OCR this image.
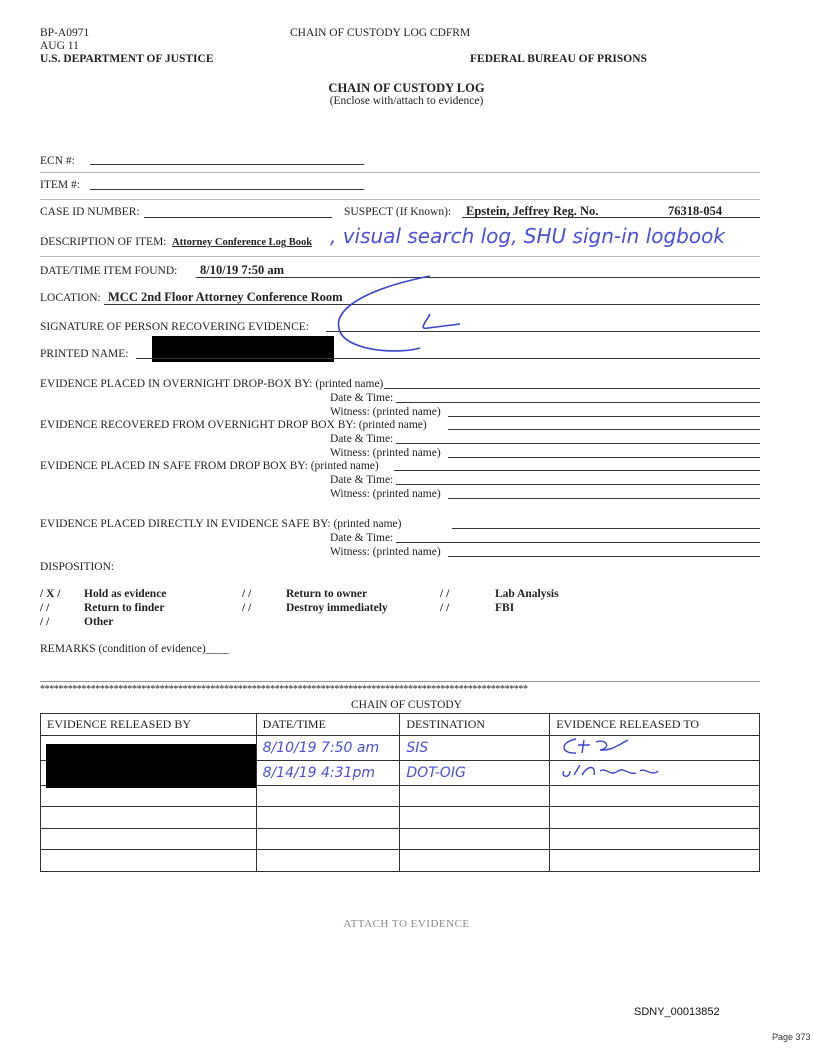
BP-A0971
AUG 11
U.S. DEPARTMENT OF JUSTICE
CHAIN OF CUSTODY LOG CDFRM
FEDERAL BUREAU OF PRISONS
CHAIN OF CUSTODY LOG
(Enclose with/attach to evidence)
ECN #:
ITEM #:
CASE ID NUMBER:	SUSPECT (If Known): Epstein, Jeffrey Reg. No.	76318-054
DESCRIPTION OF ITEM: Attorney Conference Log Book , visual search log, SHU sign-in logbook
DATE/TIME ITEM FOUND: 8/10/19 7:50 am
LOCATION: MCC 2nd Floor Attorney Conference Room
SIGNATURE OF PERSON RECOVERING EVIDENCE:
PRINTED NAME:
EVIDENCE PLACED IN OVERNIGHT DROP-BOX BY: (printed name)
Date & Time:
Witness: (printed name)
EVIDENCE RECOVERED FROM OVERNIGHT DROP BOX BY: (printed name)
Date & Time:
Witness: (printed name)
EVIDENCE PLACED IN SAFE FROM DROP BOX BY: (printed name)
Date & Time:
Witness: (printed name)
EVIDENCE PLACED DIRECTLY IN EVIDENCE SAFE BY: (printed name)
Date & Time:
Witness: (printed name)
DISPOSITION:
/ X / Hold as evidence	/ /	Return to owner	/ /	Lab Analysis
/ /	Return to finder	/ /	Destroy immediately	/ /	FBI
/ /	Other
REMARKS (condition of evidence)____
**********************************************************************************************************
CHAIN OF CUSTODY
EVIDENCE RELEASED BY	DATE/TIME	DESTINATION	EVIDENCE RELEASED TO
	8/10/19 7:50 am	SIS	
	8/14/19 4:31pm	DOT-OIG	

ATTACH TO EVIDENCE
SDNY_00013852
Page 373
